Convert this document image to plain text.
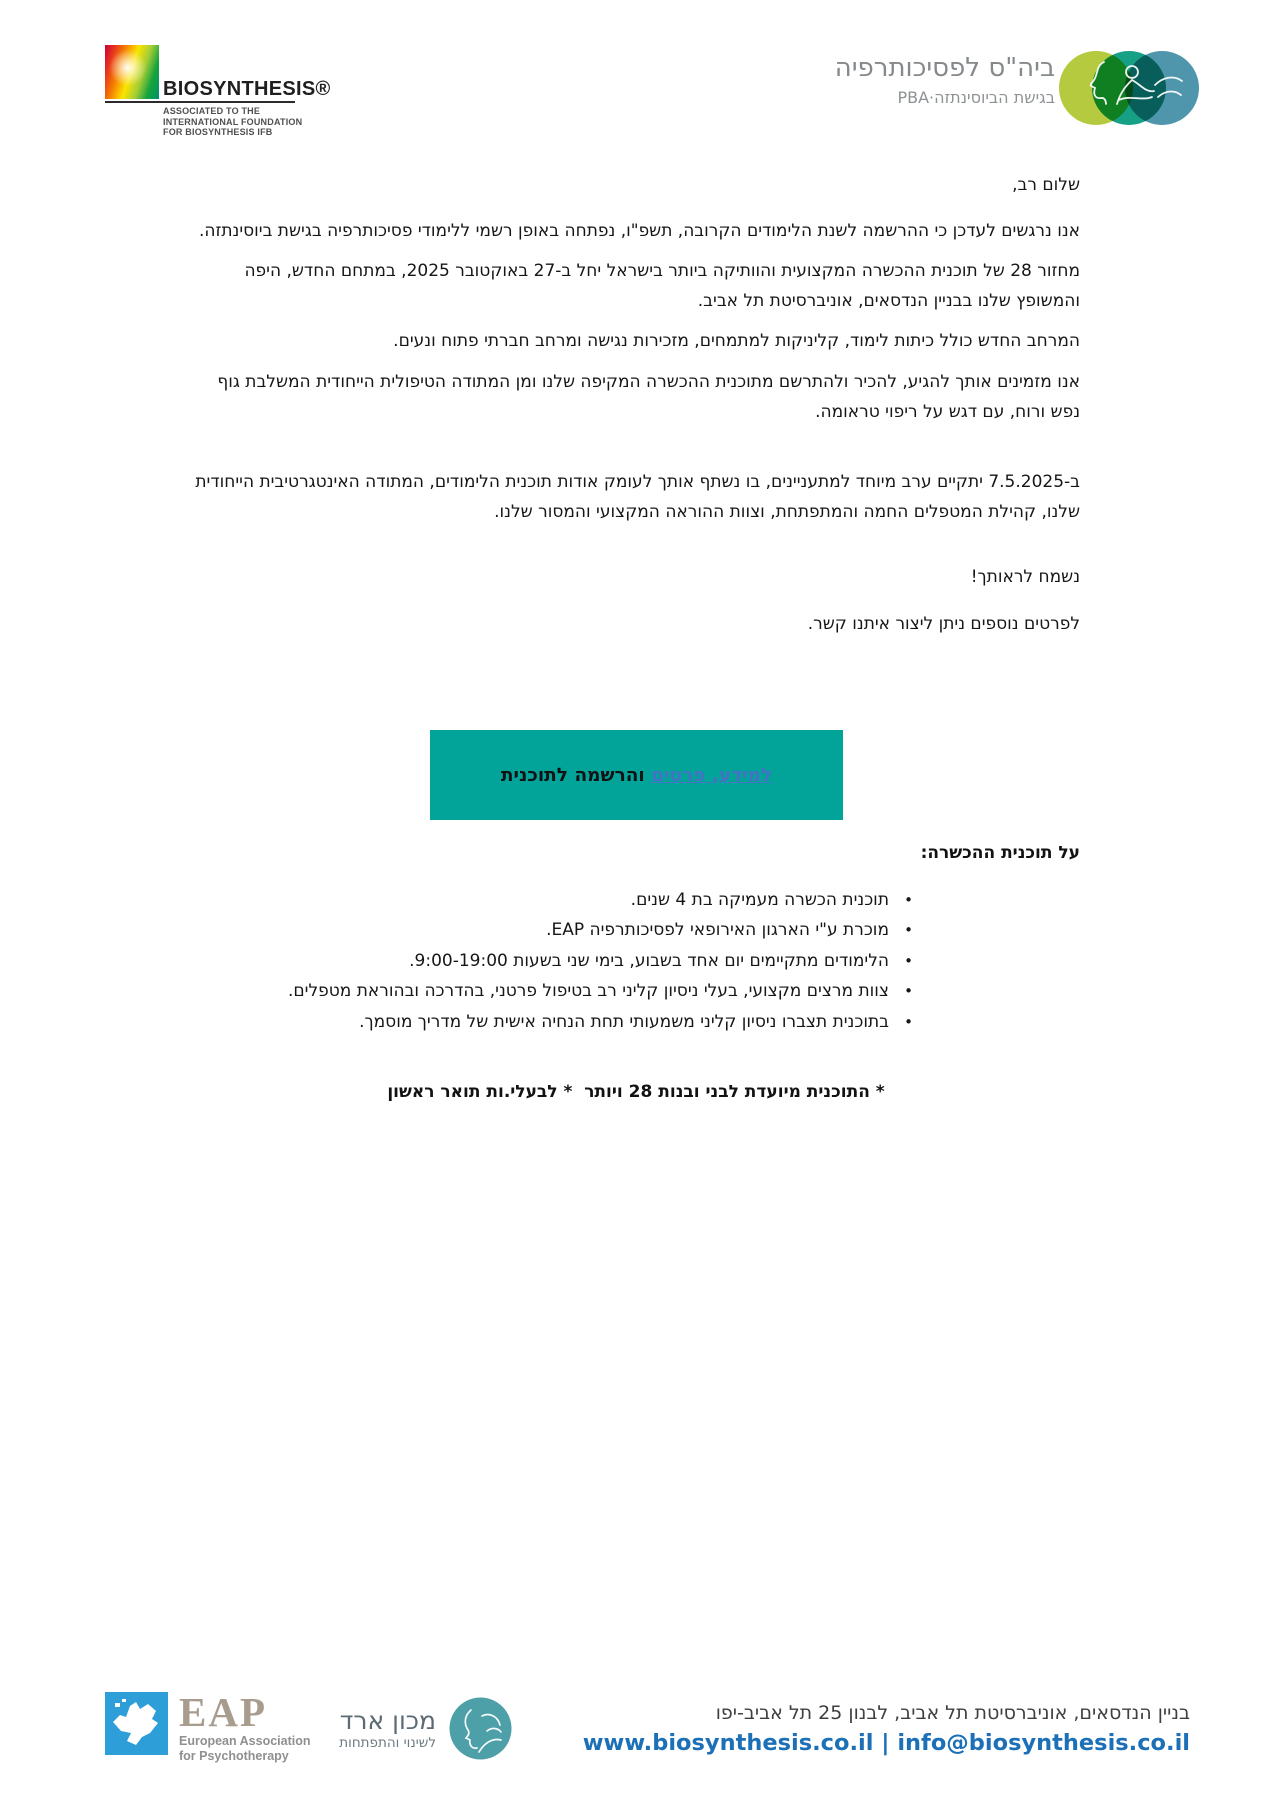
BIOSYNTHESIS®
ASSOCIATED TO THE
INTERNATIONAL FOUNDATION
FOR BIOSYNTHESIS IFB
ביה"ס לפסיכותרפיה
בגישת הביוסינתזה·PBA

שלום רב,

אנו נרגשים לעדכן כי ההרשמה לשנת הלימודים הקרובה, תשפ"ו, נפתחה באופן רשמי ללימודי פסיכותרפיה בגישת ביוסינתזה.

מחזור 28 של תוכנית ההכשרה המקצועית והוותיקה ביותר בישראל יחל ב-27 באוקטובר 2025, במתחם החדש, היפה והמשופץ שלנו בבניין הנדסאים, אוניברסיטת תל אביב.

המרחב החדש כולל כיתות לימוד, קליניקות למתמחים, מזכירות נגישה ומרחב חברתי פתוח ונעים.

אנו מזמינים אותך להגיע, להכיר ולהתרשם מתוכנית ההכשרה המקיפה שלנו ומן המתודה הטיפולית הייחודית המשלבת גוף נפש ורוח, עם דגש על ריפוי טראומה.

ב-7.5.2025 יתקיים ערב מיוחד למתעניינים, בו נשתף אותך לעומק אודות תוכנית הלימודים, המתודה האינטגרטיבית הייחודית שלנו, קהילת המטפלים החמה והמתפתחת, וצוות ההוראה המקצועי והמסור שלנו.

נשמח לראותך!

לפרטים נוספים ניתן ליצור איתנו קשר.

למידע, פרטים והרשמה לתוכנית
על תוכנית ההכשרה:
•
תוכנית הכשרה מעמיקה בת 4 שנים.
•
מוכרת ע"י הארגון האירופאי לפסיכותרפיה EAP.
•
הלימודים מתקיימים יום אחד בשבוע, בימי שני בשעות 9:00-19:00.
•
צוות מרצים מקצועי, בעלי ניסיון קליני רב בטיפול פרטני, בהדרכה ובהוראת מטפלים.
•
בתוכנית תצברו ניסיון קליני משמעותי תחת הנחיה אישית של מדריך מוסמך.
* התוכנית מיועדת לבני ובנות 28 ויותר  * לבעלי.ות תואר ראשון
EAP
European Association
for Psychotherapy
מכון ארד
לשינוי והתפתחות
בניין הנדסאים, אוניברסיטת תל אביב, לבנון 25 תל אביב-יפו
www.biosynthesis.co.il | info@biosynthesis.co.il
